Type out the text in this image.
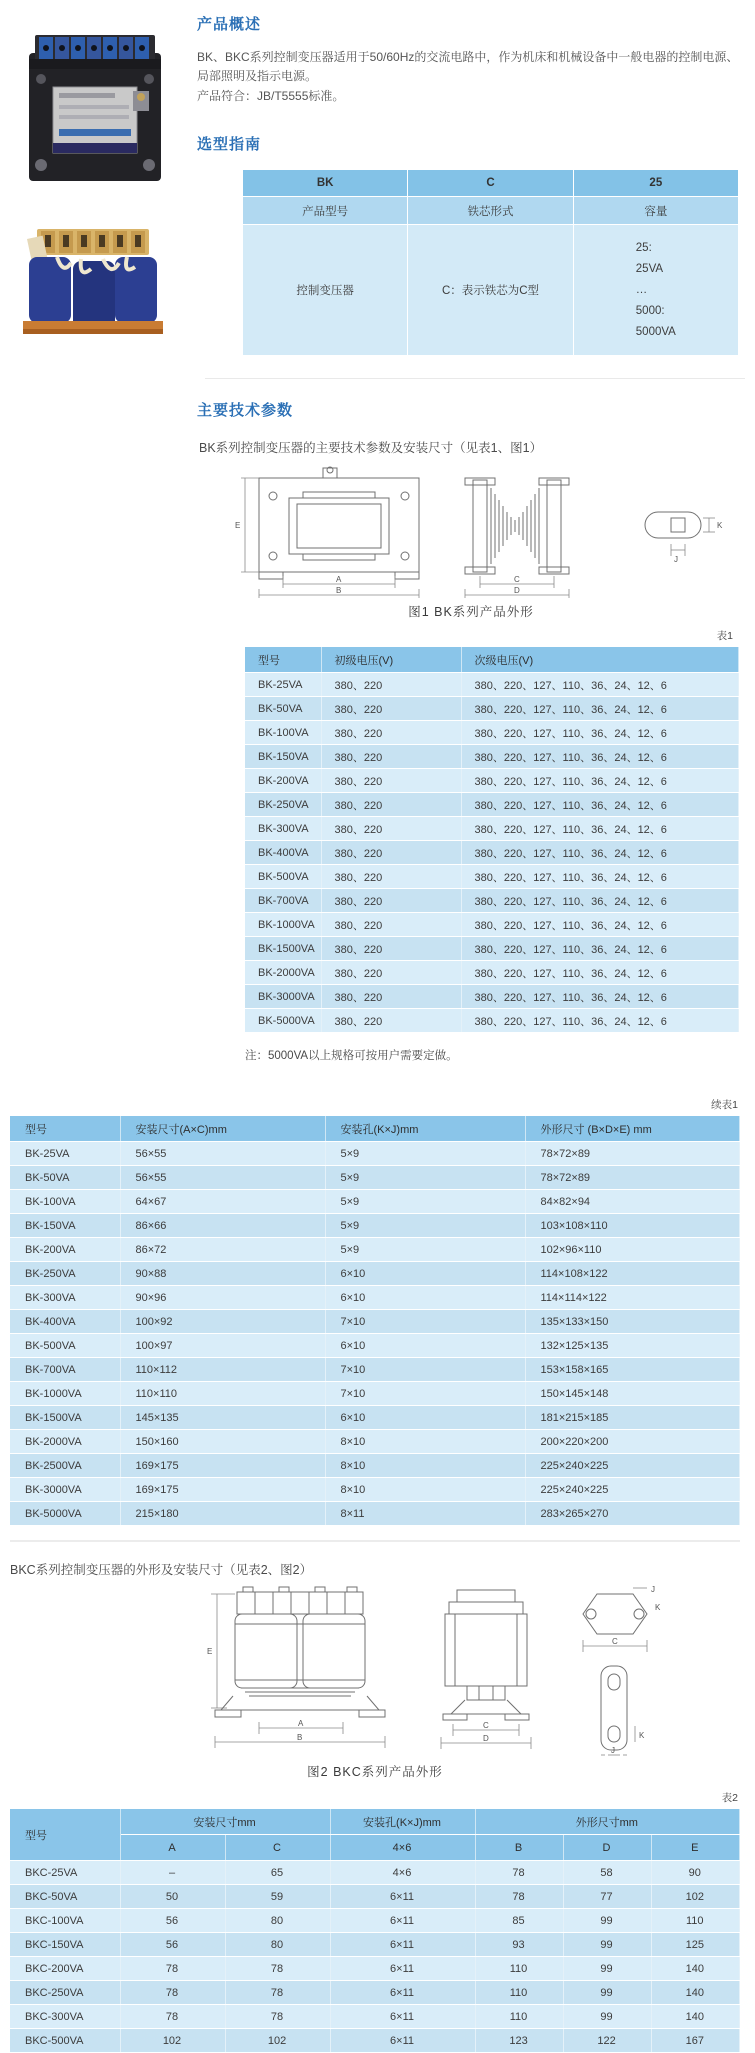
产品概述

BK、BKC系列控制变压器适用于50/60Hz的交流电路中，作为机床和机械设备中一般电器的控制电源、局部照明及指示电源。

产品符合：JB/T5555标准。

选型指南
BK	C	25
产品型号	铁芯形式	容量
控制变压器	C：表示铁芯为C型	25:
25VA
…
5000:
5000VA
主要技术参数

BK系列控制变压器的主要技术参数及安装尺寸（见表1、图1）

E
A
B
C
D
K
J
图1 BK系列产品外形
表1
型号	初级电压(V)	次级电压(V)
BK-25VA	380、220	380、220、127、110、36、24、12、6
BK-50VA	380、220	380、220、127、110、36、24、12、6
BK-100VA	380、220	380、220、127、110、36、24、12、6
BK-150VA	380、220	380、220、127、110、36、24、12、6
BK-200VA	380、220	380、220、127、110、36、24、12、6
BK-250VA	380、220	380、220、127、110、36、24、12、6
BK-300VA	380、220	380、220、127、110、36、24、12、6
BK-400VA	380、220	380、220、127、110、36、24、12、6
BK-500VA	380、220	380、220、127、110、36、24、12、6
BK-700VA	380、220	380、220、127、110、36、24、12、6
BK-1000VA	380、220	380、220、127、110、36、24、12、6
BK-1500VA	380、220	380、220、127、110、36、24、12、6
BK-2000VA	380、220	380、220、127、110、36、24、12、6
BK-3000VA	380、220	380、220、127、110、36、24、12、6
BK-5000VA	380、220	380、220、127、110、36、24、12、6

注：5000VA以上规格可按用户需要定做。

续表1
型号	安装尺寸(A×C)mm	安装孔(K×J)mm	外形尺寸 (B×D×E) mm
BK-25VA	56×55	5×9	78×72×89
BK-50VA	56×55	5×9	78×72×89
BK-100VA	64×67	5×9	84×82×94
BK-150VA	86×66	5×9	103×108×110
BK-200VA	86×72	5×9	102×96×110
BK-250VA	90×88	6×10	114×108×122
BK-300VA	90×96	6×10	114×114×122
BK-400VA	100×92	7×10	135×133×150
BK-500VA	100×97	6×10	132×125×135
BK-700VA	110×112	7×10	153×158×165
BK-1000VA	110×110	7×10	150×145×148
BK-1500VA	145×135	6×10	181×215×185
BK-2000VA	150×160	8×10	200×220×200
BK-2500VA	169×175	8×10	225×240×225
BK-3000VA	169×175	8×10	225×240×225
BK-5000VA	215×180	8×11	283×265×270

BKC系列控制变压器的外形及安装尺寸（见表2、图2）

E
A
B
C
D
J
K
C
K
J
图2 BKC系列产品外形
表2
型号	安装尺寸mm		安装孔(K×J)mm	外形尺寸mm		
	A	C	4×6	B	D	E
BKC-25VA	–	65	4×6	78	58	90
BKC-50VA	50	59	6×11	78	77	102
BKC-100VA	56	80	6×11	85	99	110
BKC-150VA	56	80	6×11	93	99	125
BKC-200VA	78	78	6×11	110	99	140
BKC-250VA	78	78	6×11	110	99	140
BKC-300VA	78	78	6×11	110	99	140
BKC-500VA	102	102	6×11	123	122	167
